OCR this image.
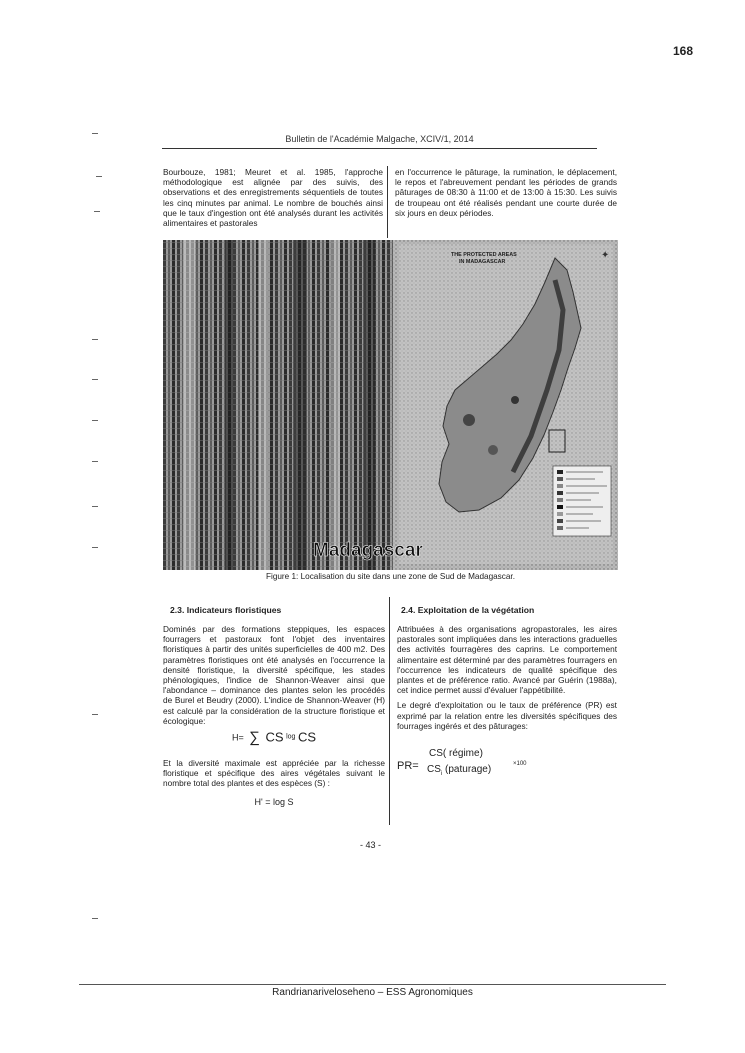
168
Bulletin de l'Académie Malgache, XCIV/1, 2014

Bourbouze, 1981; Meuret et al. 1985, l'approche méthodologique est alignée par des suivis, des observations et des enregistrements séquentiels de toutes les cinq minutes par animal. Le nombre de bouchés ainsi que le taux d'ingestion ont été analysés durant les activités alimentaires et pastorales

en l'occurrence le pâturage, la rumination, le déplacement, le repos et l'abreuvement pendant les périodes de grands pâturages de 08:30 à 11:00 et de 13:00 à 15:30. Les suivis de troupeau ont été réalisés pendant une courte durée de six jours en deux périodes.

✦
THE PROTECTED AREAS
IN MADAGASCAR
Madagascar
Figure 1: Localisation du site dans une zone de Sud de Madagascar.
2.3. Indicateurs floristiques	2.4. Exploitation de la végétation

Dominés par des formations steppiques, les espaces fourragers et pastoraux font l'objet des inventaires floristiques à partir des unités superficielles de 400 m2. Des paramètres floristiques ont été analysés en l'occurrence la densité floristique, la diversité spécifique, les stades phénologiques, l'indice de Shannon-Weaver ainsi que l'abondance – dominance des plantes selon les procédés de Burel et Beudry (2000). L'indice de Shannon-Weaver (H) est calculé par la considération de la structure floristique et écologique:

H= ∑ CS log CS

Et la diversité maximale est appréciée par la richesse floristique et spécifique des aires végétales suivant le nombre total des plantes et des espèces (S) :

H' = log S

Attribuées à des organisations agropastorales, les aires pastorales sont impliquées dans les interactions graduelles des activités fourragères des caprins. Le comportement alimentaire est déterminé par des paramètres fourragers en l'occurrence les indicateurs de qualité spécifique des plantes et de préférence ratio. Avancé par Guérin (1988a), cet indice permet aussi d'évaluer l'appétibilité.

Le degré d'exploitation ou le taux de préférence (PR) est exprimé par la relation entre les diversités spécifiques des fourrages ingérés et des pâturages:

PR=
CS( régime)
$CS_i$ (paturage)	×100
- 43 -
Randrianariveloseheno – ESS Agronomiques
